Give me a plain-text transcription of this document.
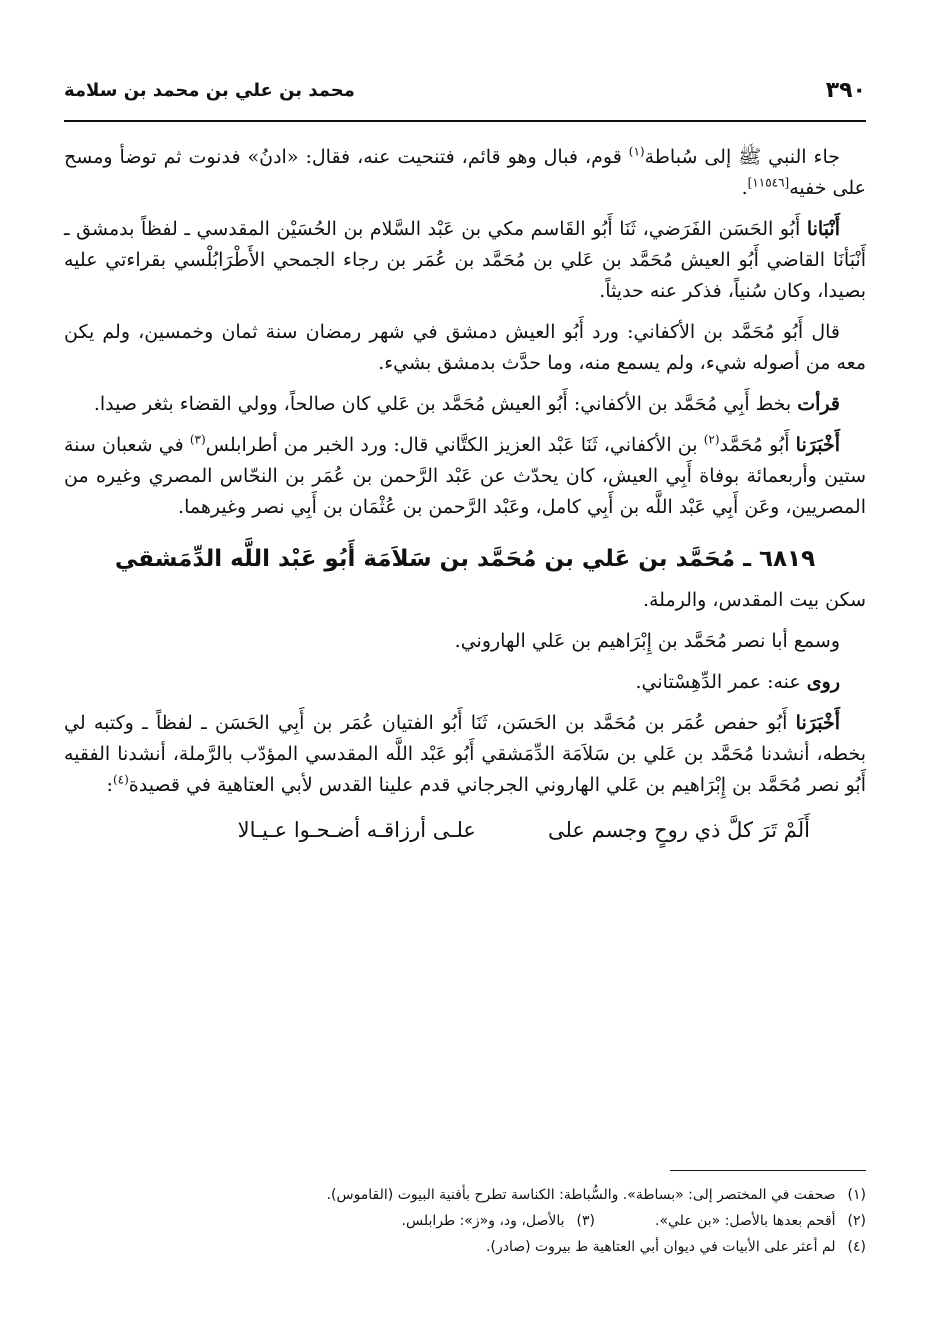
٣٩٠
محمد بن علي بن محمد بن سلامة

جاء النبي ﷺ إلى سُباطة$^{(١)}$ قوم، فبال وهو قائم، فتنحيت عنه، فقال: «ادنُ» فدنوت ثم توضأ ومسح على خفيه[١١٥٤٦].

أَنْبَانا أَبُو الحَسَن الفَرَضي، ثَنَا أَبُو القَاسم مكي بن عَبْد السَّلام بن الحُسَيْن المقدسي ـ لفظاً بدمشق ـ أَنْبَأنَا القاضي أَبُو العيش مُحَمَّد بن عَلي بن مُحَمَّد بن عُمَر بن رجاء الجمحي الأَطْرَابُلْسي بقراءتي عليه بصيدا، وكان سُنياً، فذكر عنه حديثاً.

قال أَبُو مُحَمَّد بن الأكفاني: ورد أَبُو العيش دمشق في شهر رمضان سنة ثمان وخمسين، ولم يكن معه من أصوله شيء، ولم يسمع منه، وما حدَّث بدمشق بشيء.

قرأت بخط أَبِي مُحَمَّد بن الأكفاني: أَبُو العيش مُحَمَّد بن عَلي كان صالحاً، وولي القضاء بثغر صيدا.

أَخْبَرَنا أَبُو مُحَمَّد$^{(٢)}$ بن الأكفاني، ثَنَا عَبْد العزيز الكتَّاني قال: ورد الخبر من أطرابلس$^{(٣)}$ في شعبان سنة ستين وأربعمائة بوفاة أَبِي العيش، كان يحدّث عن عَبْد الرَّحمن بن عُمَر بن النحّاس المصري وغيره من المصريين، وعَن أَبِي عَبْد اللَّه بن أَبِي كامل، وعَبْد الرَّحمن بن عُثْمَان بن أَبِي نصر وغيرهما.

٦٨١٩ ـ مُحَمَّد بن عَلي بن مُحَمَّد بن سَلاَمَة أَبُو عَبْد اللَّه الدِّمَشقي

سكن بيت المقدس، والرملة.

وسمع أبا نصر مُحَمَّد بن إِبْرَاهيم بن عَلي الهاروني.

روى عنه: عمر الدِّهِسْتاني.

أَخْبَرَنا أَبُو حفص عُمَر بن مُحَمَّد بن الحَسَن، ثَنَا أَبُو الفتيان عُمَر بن أَبِي الحَسَن ـ لفظاً ـ وكتبه لي بخطه، أنشدنا مُحَمَّد بن عَلي بن سَلاَمَة الدِّمَشقي أَبُو عَبْد اللَّه المقدسي المؤدّب بالرَّملة، أنشدنا الفقيه أَبُو نصر مُحَمَّد بن إِبْرَاهيم بن عَلي الهاروني الجرجاني قدم علينا القدس لأبي العتاهية في قصيدة$^{(٤)}$:

أَلَمْ تَرَ كلَّ ذي روحٍ وجسم على
علـى أرزاقـه أضـحـوا عـيـالا
(١)صحفت في المختصر إلى: «بساطة». والسُّباطة: الكناسة تطرح بأفنية البيوت (القاموس).
(٢)أقحم بعدها بالأصل: «بن علي».
(٣)بالأصل، ود، و«ز»: طرابلس.
(٤)لم أعثر على الأبيات في ديوان أبي العتاهية ط بيروت (صادر).
